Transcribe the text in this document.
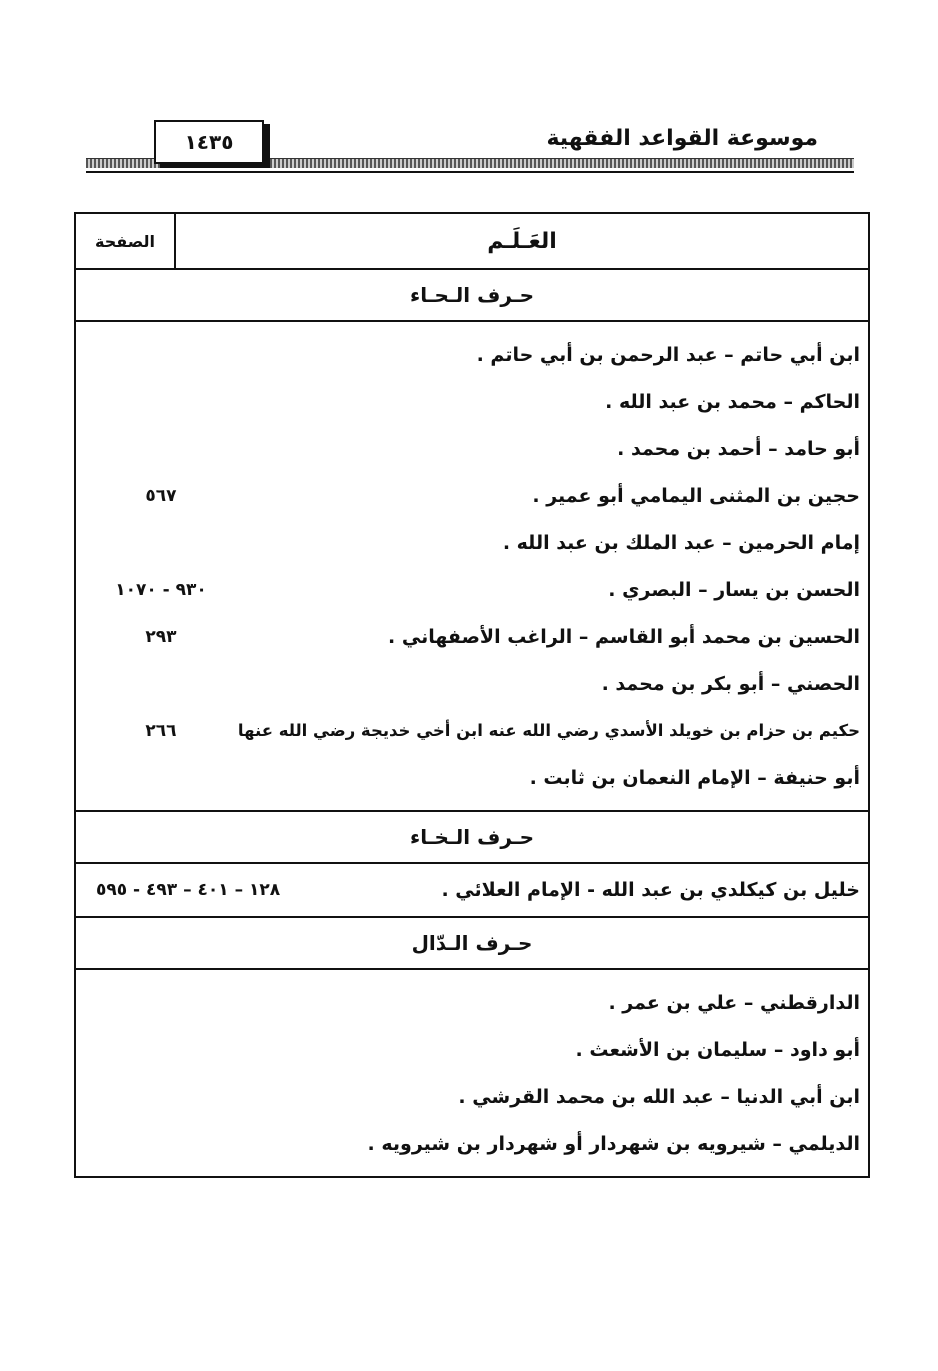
١٤٣٥	موسوعة القواعد الفقهية
العَـلَـم
الصفحة
حـرف الـحـاء
ابن أبي حاتم – عبد الرحمن بن أبي حاتم .
الحاكم – محمد بن عبد الله .
أبو حامد – أحمد بن محمد .
حجين بن المثنى اليمامي أبو عمير .
٥٦٧
إمام الحرمين – عبد الملك بن عبد الله .
الحسن بن يسار – البصري .
٩٣٠ - ١٠٧٠
الحسين بن محمد أبو القاسم – الراغب الأصفهاني .
٢٩٣
الحصني – أبو بكر بن محمد .
حكيم بن حزام بن خويلد الأسدي رضي الله عنه ابن أخي خديجة رضي الله عنها
٢٦٦
أبو حنيفة – الإمام النعمان بن ثابت .
حـرف الـخـاء
خليل بن كيكلدي بن عبد الله - الإمام العلائي .
١٢٨ – ٤٠١ – ٤٩٣ - ٥٩٥
حـرف الـدّال
الدارقطني – علي بن عمر .
أبو داود – سليمان بن الأشعث .
ابن أبي الدنيا – عبد الله بن محمد القرشي .
الديلمي – شيرويه بن شهردار أو شهردار بن شيرويه .
